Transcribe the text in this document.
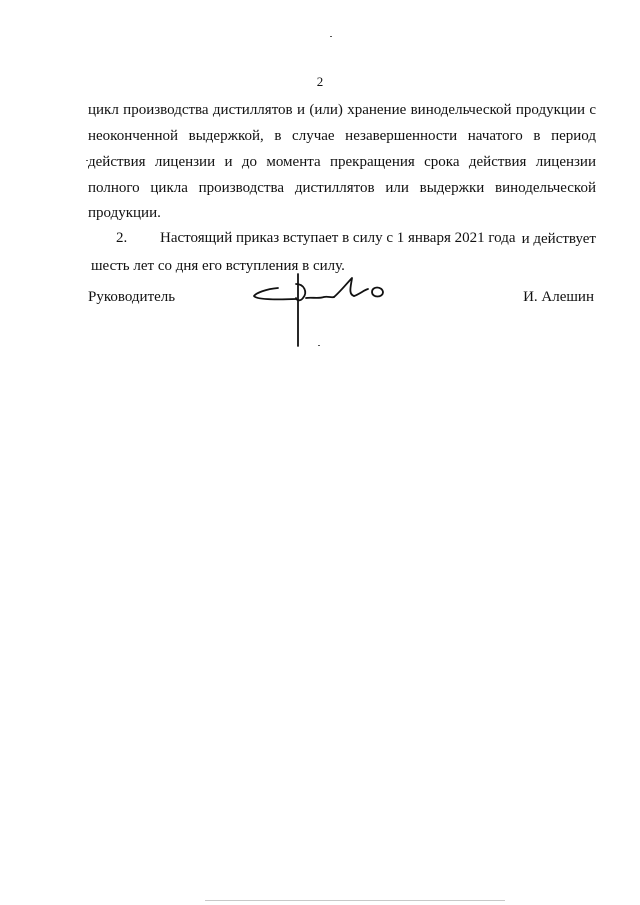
2
цикл производства дистиллятов и (или) хранение винодельческой продукции с
неоконченной выдержкой, в случае незавершенности начатого в период
действия лицензии и до момента прекращения срока действия лицензии
полного цикла производства дистиллятов или выдержки винодельческой
продукции.
2. Настоящий приказ вступает в силу с 1 января 2021 года и действует
шесть лет со дня его вступления в силу.
Руководитель	И. Алешин
